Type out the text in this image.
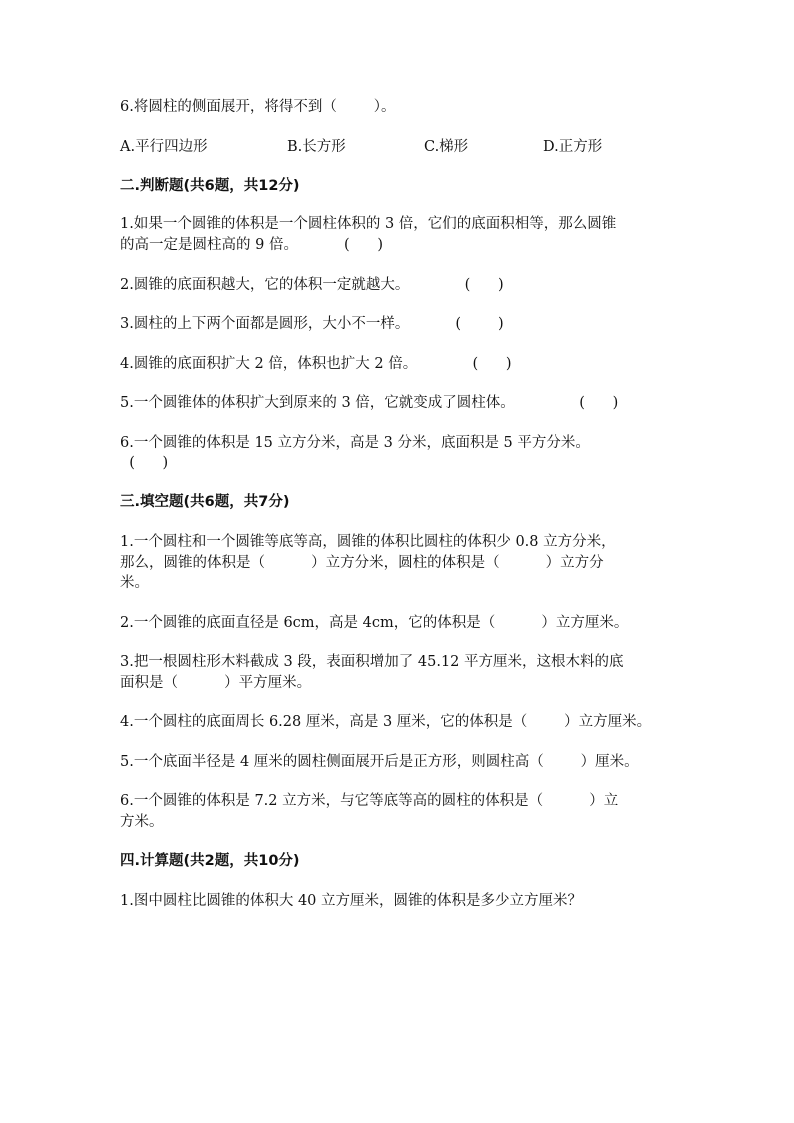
6.将圆柱的侧面展开，将得不到（        ）。
A.平行四边形	B.长方形	C.梯形	D.正方形
二.判断题(共6题，共12分)
1.如果一个圆锥的体积是一个圆柱体积的 3 倍，它们的底面积相等，那么圆锥
的高一定是圆柱高的 9 倍。          (      )
2.圆锥的底面积越大，它的体积一定就越大。            (      )
3.圆柱的上下两个面都是圆形，大小不一样。          (        )
4.圆锥的底面积扩大 2 倍，体积也扩大 2 倍。            (      )
5.一个圆锥体的体积扩大到原来的 3 倍，它就变成了圆柱体。              (      )
6.一个圆锥的体积是 15 立方分米，高是 3 分米，底面积是 5 平方分米。
(      )
三.填空题(共6题，共7分)
1.一个圆柱和一个圆锥等底等高，圆锥的体积比圆柱的体积少 0.8 立方分米，
那么，圆锥的体积是（          ）立方分米，圆柱的体积是（          ）立方分
米。
2.一个圆锥的底面直径是 6cm，高是 4cm，它的体积是（          ）立方厘米。
3.把一根圆柱形木料截成 3 段，表面积增加了 45.12 平方厘米，这根木料的底
面积是（          ）平方厘米。
4.一个圆柱的底面周长 6.28 厘米，高是 3 厘米，它的体积是（        ）立方厘米。
5.一个底面半径是 4 厘米的圆柱侧面展开后是正方形，则圆柱高（        ）厘米。
6.一个圆锥的体积是 7.2 立方米，与它等底等高的圆柱的体积是（          ）立
方米。
四.计算题(共2题，共10分)
1.图中圆柱比圆锥的体积大 40 立方厘米，圆锥的体积是多少立方厘米？
